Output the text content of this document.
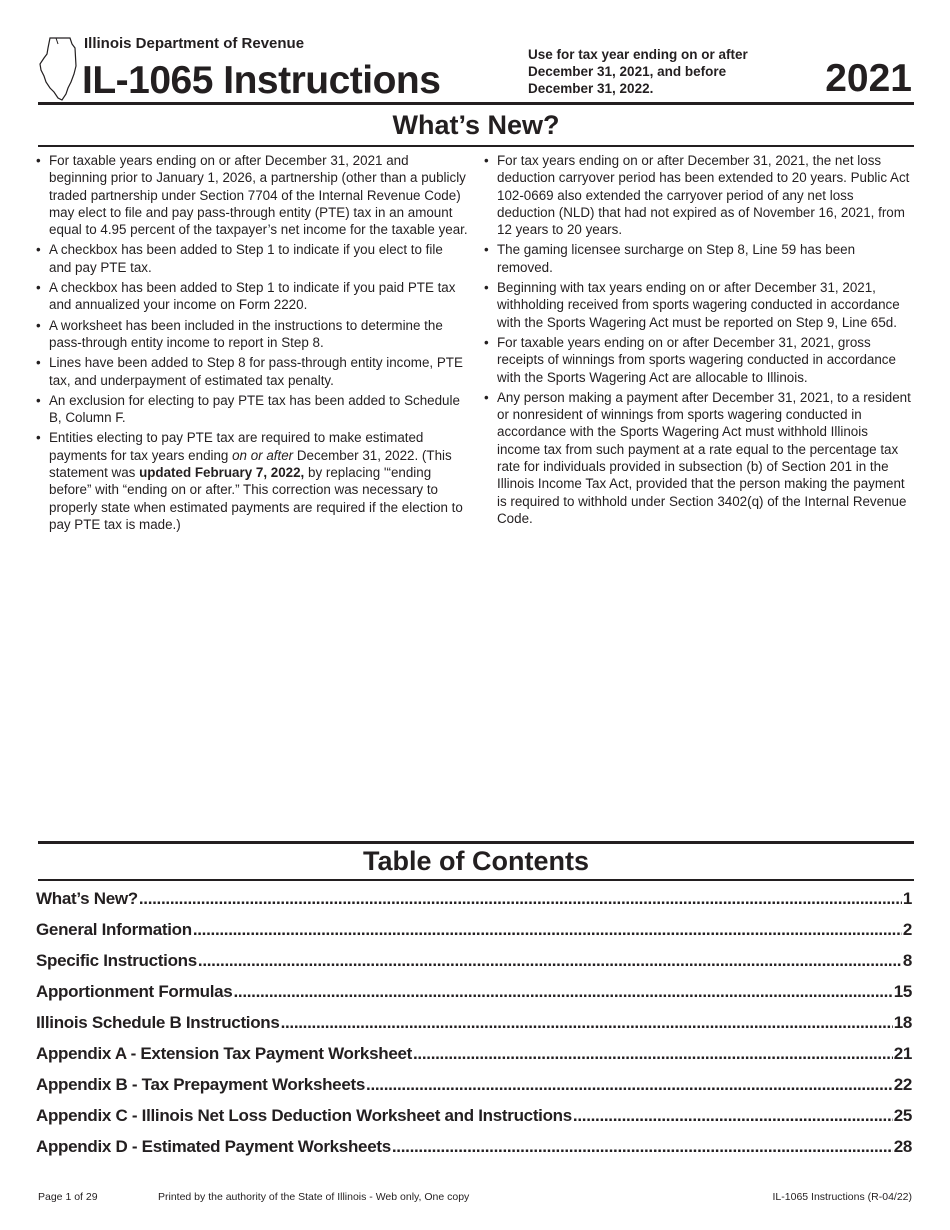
Illinois Department of Revenue
IL-1065 Instructions
Use for tax year ending on or after December 31, 2021, and before December 31, 2022.	2021
What’s New?
• For taxable years ending on or after December 31, 2021 and beginning prior to January 1, 2026, a partnership (other than a publicly traded partnership under Section 7704 of the Internal Revenue Code) may elect to file and pay pass-through entity (PTE) tax in an amount equal to 4.95 percent of the taxpayer’s net income for the taxable year.
• A checkbox has been added to Step 1 to indicate if you elect to file and pay PTE tax.
• A checkbox has been added to Step 1 to indicate if you paid PTE tax and annualized your income on Form 2220.
• A worksheet has been included in the instructions to determine the pass-through entity income to report in Step 8.
• Lines have been added to Step 8 for pass-through entity income, PTE tax, and underpayment of estimated tax penalty.
• An exclusion for electing to pay PTE tax has been added to Schedule B, Column F.
• Entities electing to pay PTE tax are required to make estimated payments for tax years ending on or after December 31, 2022. (This statement was updated February 7, 2022, by replacing '“ending before” with “ending on or after.” This correction was necessary to properly state when estimated payments are required if the election to pay PTE tax is made.)
• For tax years ending on or after December 31, 2021, the net loss deduction carryover period has been extended to 20 years. Public Act 102-0669 also extended the carryover period of any net loss deduction (NLD) that had not expired as of November 16, 2021, from 12 years to 20 years.
• The gaming licensee surcharge on Step 8, Line 59 has been removed.
• Beginning with tax years ending on or after December 31, 2021, withholding received from sports wagering conducted in accordance with the Sports Wagering Act must be reported on Step 9, Line 65d.
• For taxable years ending on or after December 31, 2021, gross receipts of winnings from sports wagering conducted in accordance with the Sports Wagering Act are allocable to Illinois.
• Any person making a payment after December 31, 2021, to a resident or nonresident of winnings from sports wagering conducted in accordance with the Sports Wagering Act must withhold Illinois income tax from such payment at a rate equal to the percentage tax rate for individuals provided in subsection (b) of Section 201 in the Illinois Income Tax Act, provided that the person making the payment is required to withhold under Section 3402(q) of the Internal Revenue Code.
Table of Contents
What’s New? .....	1
General Information .....	2
Specific Instructions .....	8
Apportionment Formulas .....	15
Illinois Schedule B Instructions .....	18
Appendix A - Extension Tax Payment Worksheet .....	21
Appendix B - Tax Prepayment Worksheets .....	22
Appendix C - Illinois Net Loss Deduction Worksheet and Instructions .....	25
Appendix D - Estimated Payment Worksheets .....	28
Page 1 of 29	Printed by the authority of the State of Illinois - Web only, One copy	IL-1065 Instructions (R-04/22)
